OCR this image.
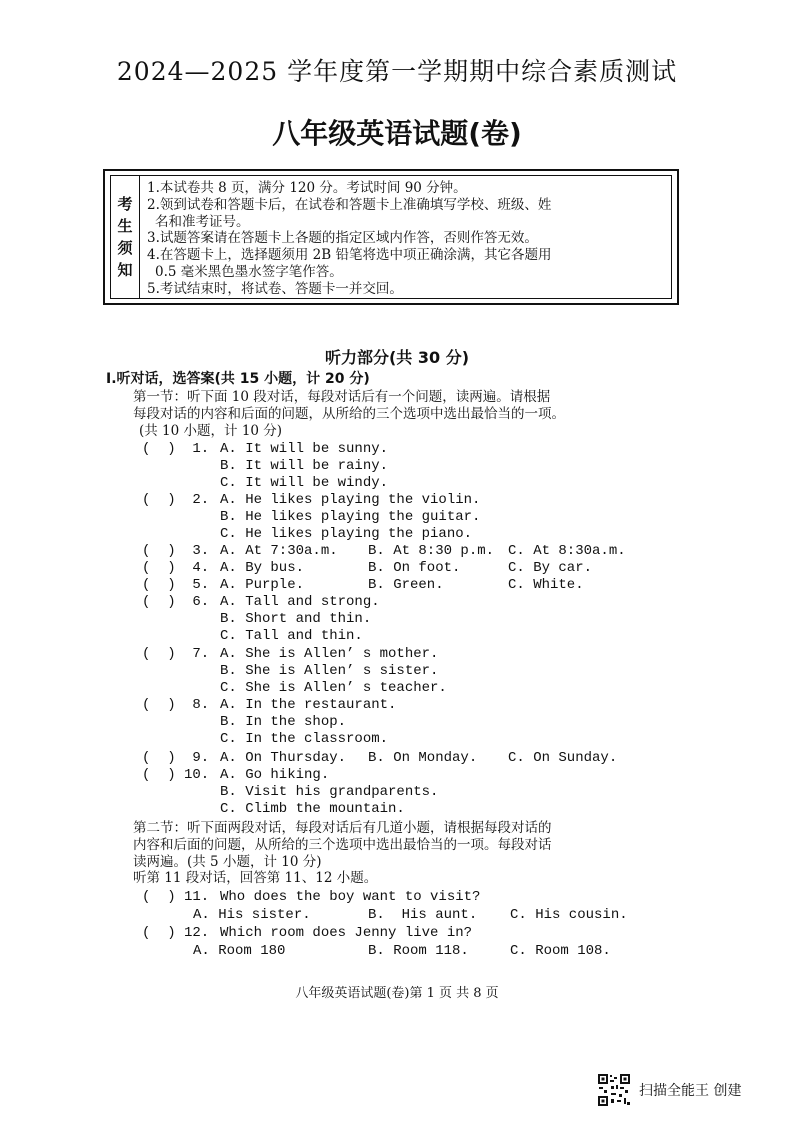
2024—2025 学年度第一学期期中综合素质测试
八年级英语试题(卷)
考
生
须
知
1.本试卷共 8 页，满分 120 分。考试时间 90 分钟。
2.领到试卷和答题卡后，在试卷和答题卡上准确填写学校、班级、姓
名和准考证号。
3.试题答案请在答题卡上各题的指定区域内作答，否则作答无效。
4.在答题卡上，选择题须用 2B 铅笔将选中项正确涂满，其它各题用
0.5 毫米黑色墨水签字笔作答。
5.考试结束时，将试卷、答题卡一并交回。
听力部分(共 30 分)
Ⅰ.听对话，选答案(共 15 小题，计 20 分)
第一节：听下面 10 段对话，每段对话后有一个问题，读两遍。请根据
每段对话的内容和后面的问题，从所给的三个选项中选出最恰当的一项。
(共 10 小题，计 10 分)
(  )  1. A. It will be sunny.
B. It will be rainy.
C. It will be windy.
(  )  2. A. He likes playing the violin.
B. He likes playing the guitar.
C. He likes playing the piano.
(  )  3. A. At 7:30a.m. B. At 8:30 p.m. C. At 8:30a.m.
(  )  4. A. By bus.	B. On foot.	C. By car.
(  )  5. A. Purple.	B. Green.	C. White.
(  )  6. A. Tall and strong.
B. Short and thin.
C. Tall and thin.
(  )  7. A. She is Allen’ s mother.
B. She is Allen’ s sister.
C. She is Allen’ s teacher.
(  )  8. A. In the restaurant.
B. In the shop.
C. In the classroom.
(  )  9. A. On Thursday. B. On Monday. C. On Sunday.
(  ) 10. A. Go hiking.
B. Visit his grandparents.
C. Climb the mountain.
第二节：听下面两段对话，每段对话后有几道小题，请根据每段对话的
内容和后面的问题，从所给的三个选项中选出最恰当的一项。每段对话
读两遍。(共 5 小题，计 10 分)
听第 11 段对话，回答第 11、12 小题。
(  ) 11. Who does the boy want to visit?
A. His sister.	B.  His aunt. C. His cousin.
(  ) 12. Which room does Jenny live in?
A. Room 180	B. Room 118.	C. Room 108.
八年级英语试题(卷)第 1 页 共 8 页
扫描全能王 创建
